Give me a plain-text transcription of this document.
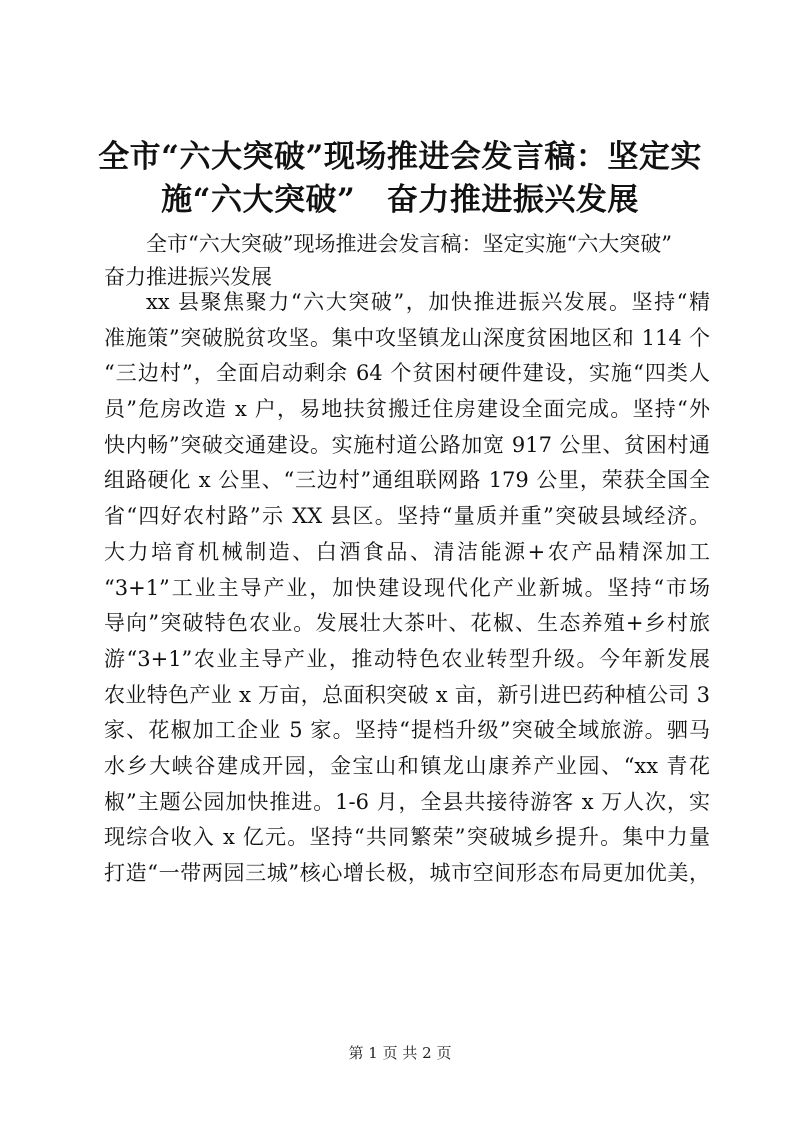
全市“六大突破”现场推进会发言稿：坚定实
施“六大突破”　奋力推进振兴发展

全市“六大突破”现场推进会发言稿：坚定实施“六大突破”
奋力推进振兴发展

xx 县聚焦聚力“六大突破”，加快推进振兴发展。坚持“精
准施策”突破脱贫攻坚。集中攻坚镇龙山深度贫困地区和 114 个
“三边村”，全面启动剩余 64 个贫困村硬件建设，实施“四类人
员”危房改造 x 户，易地扶贫搬迁住房建设全面完成。坚持“外
快内畅”突破交通建设。实施村道公路加宽 917 公里、贫困村通
组路硬化 x 公里、“三边村”通组联网路 179 公里，荣获全国全
省“四好农村路”示 XX 县区。坚持“量质并重”突破县域经济。
大力培育机械制造、白酒食品、清洁能源+农产品精深加工
“3+1”工业主导产业，加快建设现代化产业新城。坚持“市场
导向”突破特色农业。发展壮大茶叶、花椒、生态养殖+乡村旅
游“3+1”农业主导产业，推动特色农业转型升级。今年新发展
农业特色产业 x 万亩，总面积突破 x 亩，新引进巴药种植公司 3
家、花椒加工企业 5 家。坚持“提档升级”突破全域旅游。驷马
水乡大峡谷建成开园，金宝山和镇龙山康养产业园、“xx 青花
椒”主题公园加快推进。1-6 月，全县共接待游客 x 万人次，实
现综合收入 x 亿元。坚持“共同繁荣”突破城乡提升。集中力量
打造“一带两园三城”核心增长极，城市空间形态布局更加优美，
第 1 页 共 2 页
